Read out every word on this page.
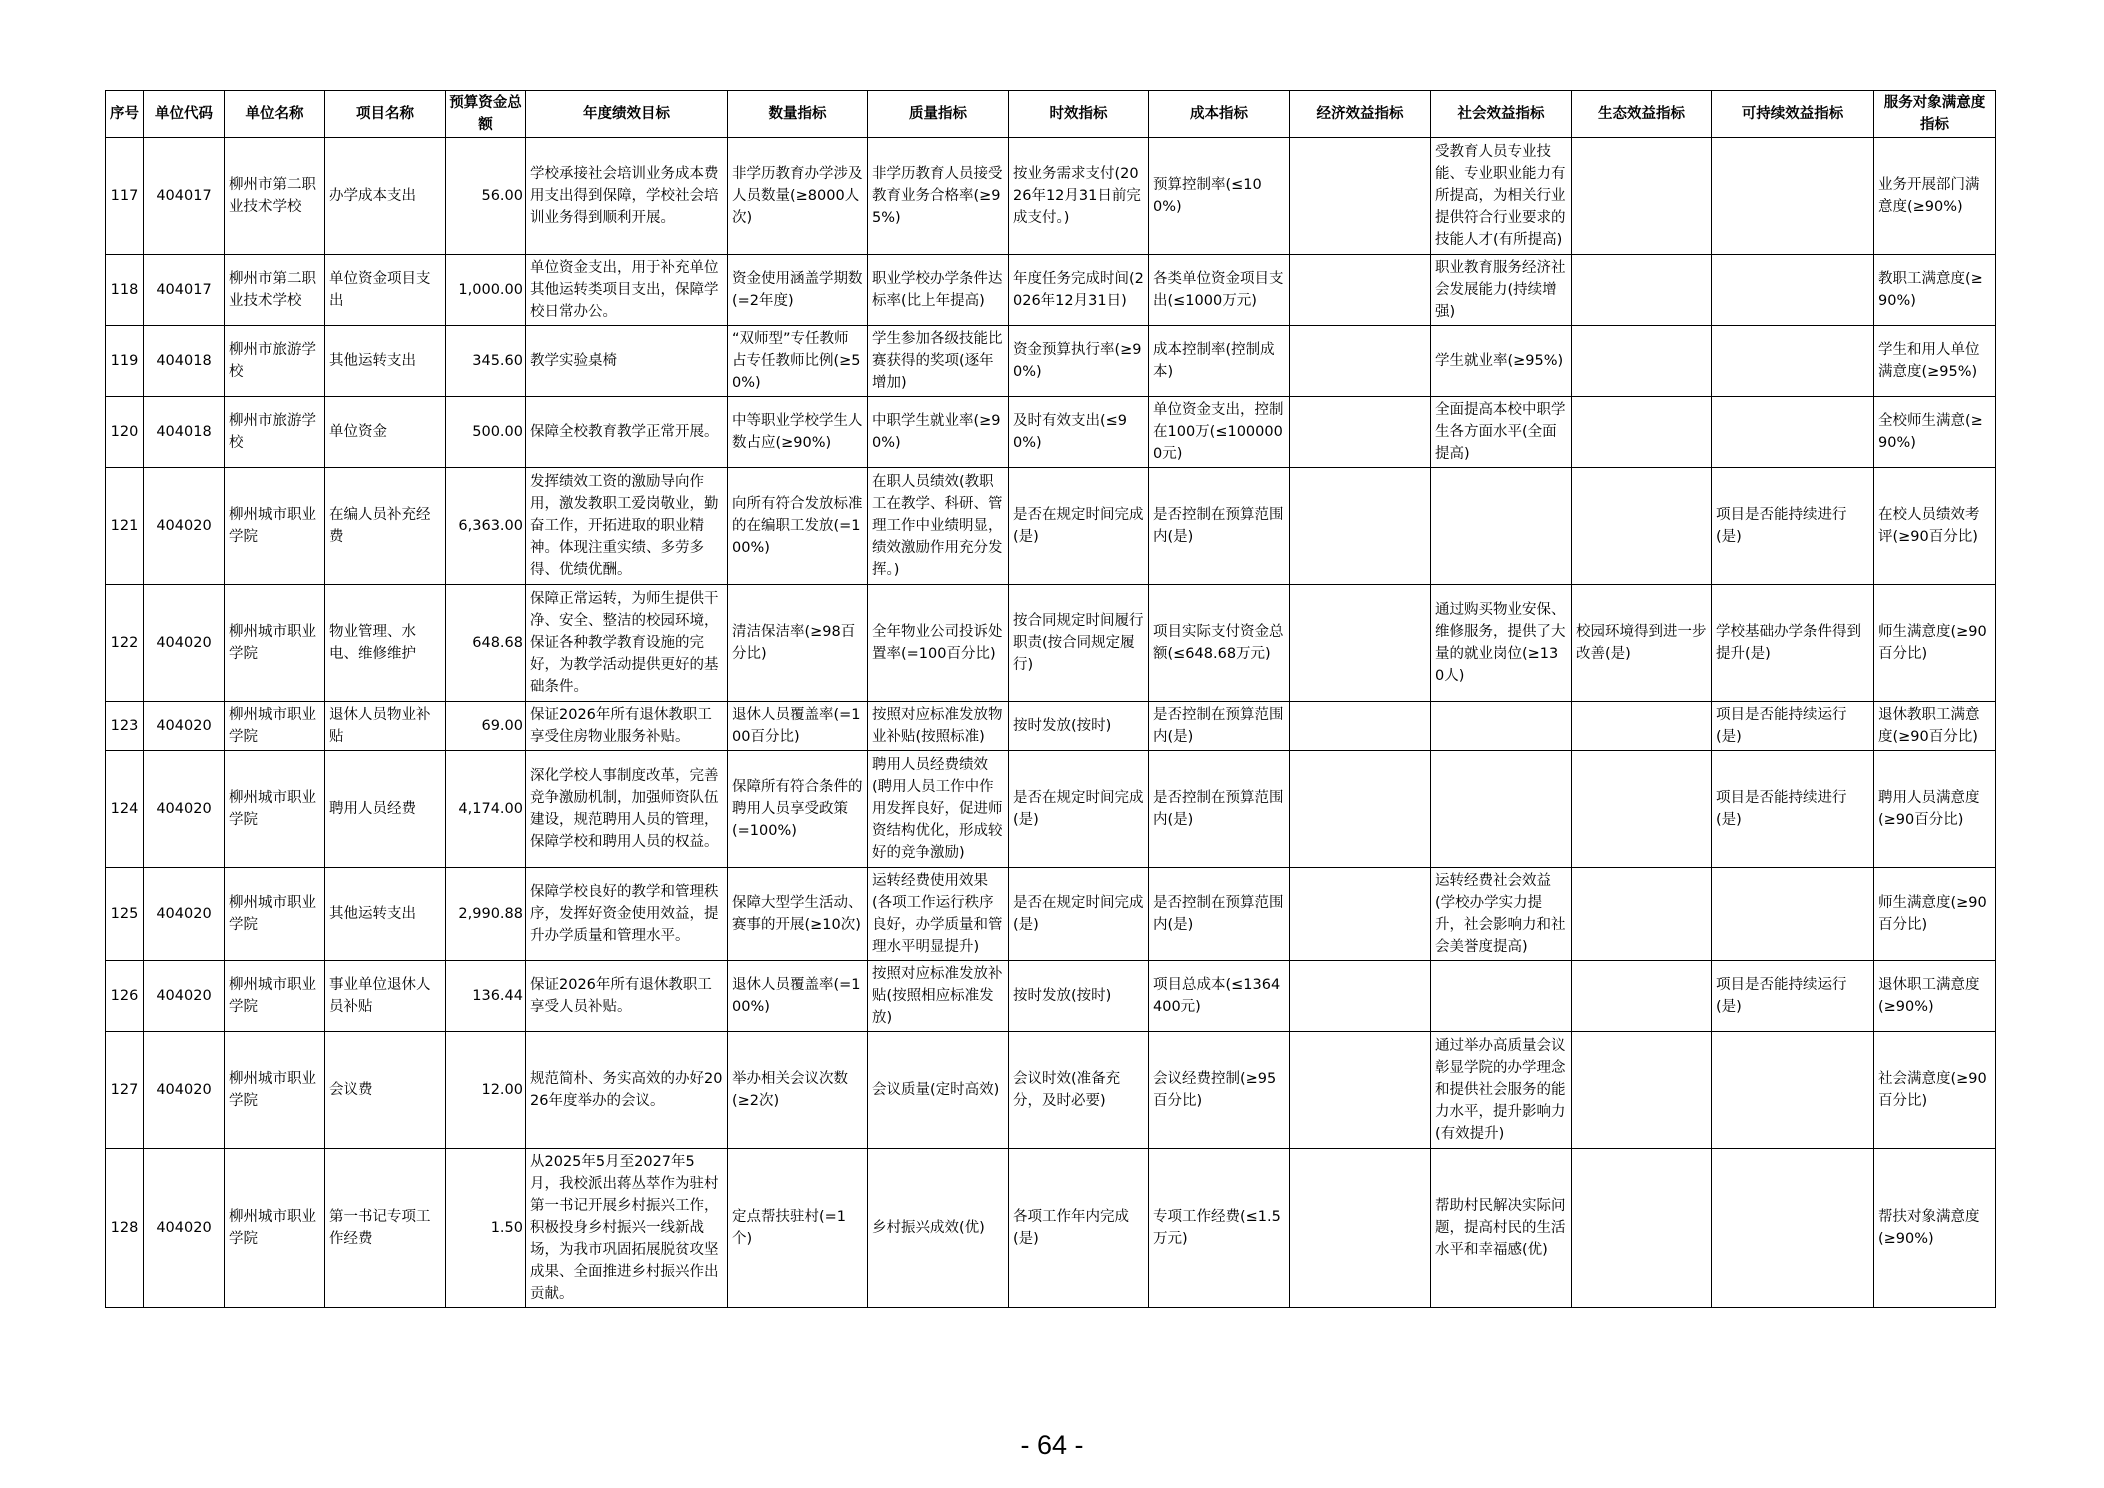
序号	单位代码	单位名称	项目名称	预算资金总额	年度绩效目标	数量指标	质量指标	时效指标	成本指标	经济效益指标	社会效益指标	生态效益指标	可持续效益指标	服务对象满意度指标
117	404017	柳州市第二职业技术学校	办学成本支出	56.00	学校承接社会培训业务成本费用支出得到保障，学校社会培训业务得到顺利开展。	非学历教育办学涉及人员数量(≥8000人次)	非学历教育人员接受教育业务合格率(≥95%)	按业务需求支付(2026年12月31日前完成支付。)	预算控制率(≤100%)		受教育人员专业技能、专业职业能力有所提高，为相关行业提供符合行业要求的技能人才(有所提高)			业务开展部门满意度(≥90%)
118	404017	柳州市第二职业技术学校	单位资金项目支出	1,000.00	单位资金支出，用于补充单位其他运转类项目支出，保障学校日常办公。	资金使用涵盖学期数(=2年度)	职业学校办学条件达标率(比上年提高)	年度任务完成时间(2026年12月31日)	各类单位资金项目支出(≤1000万元)		职业教育服务经济社会发展能力(持续增强)			教职工满意度(≥90%)
119	404018	柳州市旅游学校	其他运转支出	345.60	教学实验桌椅	“双师型”专任教师占专任教师比例(≥50%)	学生参加各级技能比赛获得的奖项(逐年增加)	资金预算执行率(≥90%)	成本控制率(控制成本)		学生就业率(≥95%)			学生和用人单位满意度(≥95%)
120	404018	柳州市旅游学校	单位资金	500.00	保障全校教育教学正常开展。	中等职业学校学生人数占应(≥90%)	中职学生就业率(≥90%)	及时有效支出(≤90%)	单位资金支出，控制在100万(≤1000000元)		全面提高本校中职学生各方面水平(全面提高)			全校师生满意(≥90%)
121	404020	柳州城市职业学院	在编人员补充经费	6,363.00	发挥绩效工资的激励导向作用，激发教职工爱岗敬业，勤奋工作，开拓进取的职业精神。体现注重实绩、多劳多得、优绩优酬。	向所有符合发放标准的在编职工发放(=100%)	在职人员绩效(教职工在教学、科研、管理工作中业绩明显，绩效激励作用充分发挥。)	是否在规定时间完成(是)	是否控制在预算范围内(是)				项目是否能持续进行(是)	在校人员绩效考评(≥90百分比)
122	404020	柳州城市职业学院	物业管理、水电、维修维护	648.68	保障正常运转，为师生提供干净、安全、整洁的校园环境，保证各种教学教育设施的完好，为教学活动提供更好的基础条件。	清洁保洁率(≥98百分比)	全年物业公司投诉处置率(=100百分比)	按合同规定时间履行职责(按合同规定履行)	项目实际支付资金总额(≤648.68万元)		通过购买物业安保、维修服务，提供了大量的就业岗位(≥130人)	校园环境得到进一步改善(是)	学校基础办学条件得到提升(是)	师生满意度(≥90百分比)
123	404020	柳州城市职业学院	退休人员物业补贴	69.00	保证2026年所有退休教职工享受住房物业服务补贴。	退休人员覆盖率(=100百分比)	按照对应标准发放物业补贴(按照标准)	按时发放(按时)	是否控制在预算范围内(是)				项目是否能持续运行(是)	退休教职工满意度(≥90百分比)
124	404020	柳州城市职业学院	聘用人员经费	4,174.00	深化学校人事制度改革，完善竞争激励机制，加强师资队伍建设，规范聘用人员的管理，保障学校和聘用人员的权益。	保障所有符合条件的聘用人员享受政策(=100%)	聘用人员经费绩效(聘用人员工作中作用发挥良好，促进师资结构优化，形成较好的竞争激励)	是否在规定时间完成(是)	是否控制在预算范围内(是)				项目是否能持续进行(是)	聘用人员满意度(≥90百分比)
125	404020	柳州城市职业学院	其他运转支出	2,990.88	保障学校良好的教学和管理秩序，发挥好资金使用效益，提升办学质量和管理水平。	保障大型学生活动、赛事的开展(≥10次)	运转经费使用效果(各项工作运行秩序良好，办学质量和管理水平明显提升)	是否在规定时间完成(是)	是否控制在预算范围内(是)		运转经费社会效益(学校办学实力提升，社会影响力和社会美誉度提高)			师生满意度(≥90百分比)
126	404020	柳州城市职业学院	事业单位退休人员补贴	136.44	保证2026年所有退休教职工享受人员补贴。	退休人员覆盖率(=100%)	按照对应标准发放补贴(按照相应标准发放)	按时发放(按时)	项目总成本(≤1364400元)				项目是否能持续运行(是)	退休职工满意度(≥90%)
127	404020	柳州城市职业学院	会议费	12.00	规范简朴、务实高效的办好2026年度举办的会议。	举办相关会议次数(≥2次)	会议质量(定时高效)	会议时效(准备充分，及时必要)	会议经费控制(≥95百分比)		通过举办高质量会议彰显学院的办学理念和提供社会服务的能力水平，提升影响力(有效提升)			社会满意度(≥90百分比)
128	404020	柳州城市职业学院	第一书记专项工作经费	1.50	从2025年5月至2027年5月，我校派出蒋丛萃作为驻村第一书记开展乡村振兴工作，积极投身乡村振兴一线新战场，为我市巩固拓展脱贫攻坚成果、全面推进乡村振兴作出贡献。	定点帮扶驻村(=1个)	乡村振兴成效(优)	各项工作年内完成(是)	专项工作经费(≤1.5万元)		帮助村民解决实际问题，提高村民的生活水平和幸福感(优)			帮扶对象满意度(≥90%)
- 64 -
